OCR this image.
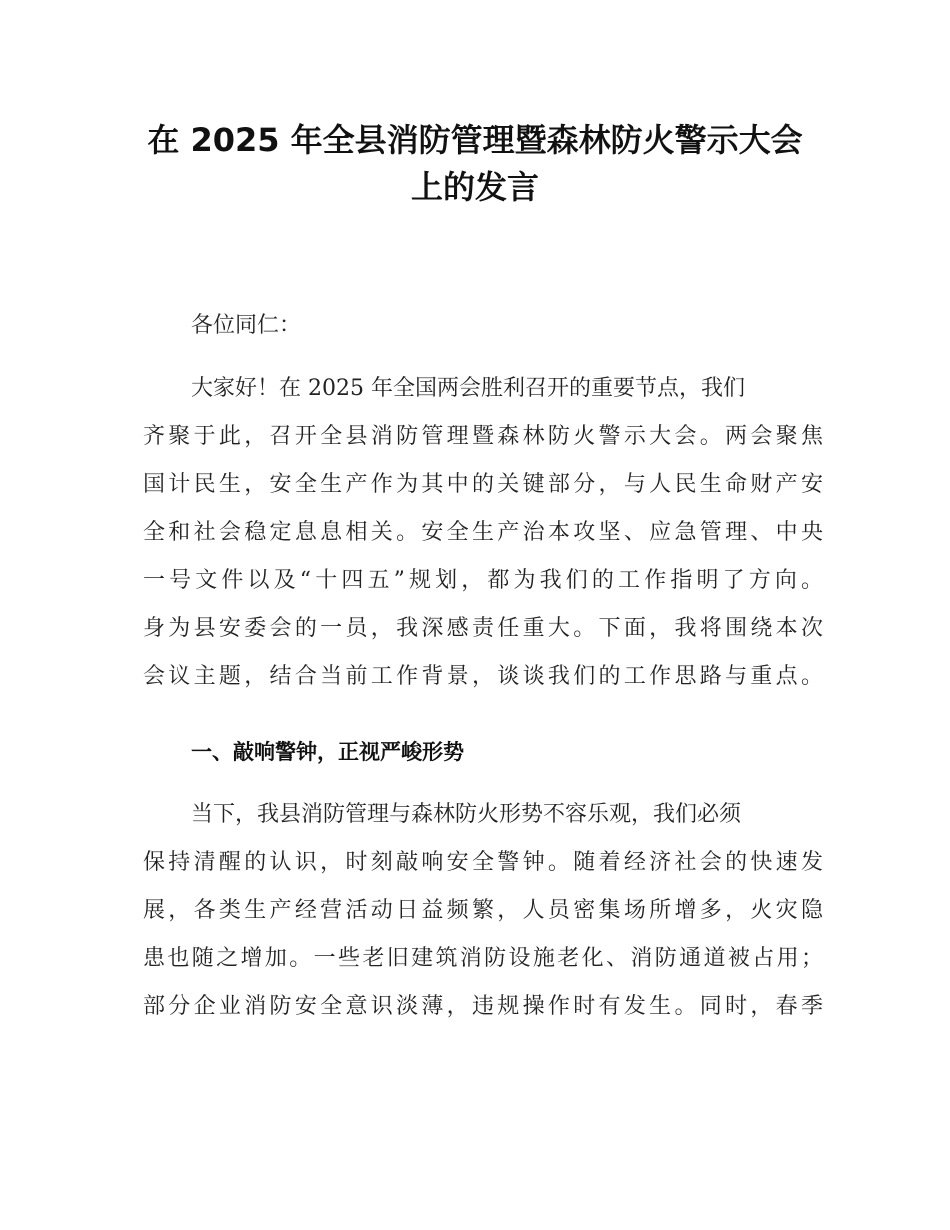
在 2025 年全县消防管理暨森林防火警示大会
上的发言

各位同仁：

大家好！在 2025 年全国两会胜利召开的重要节点，我们

齐聚于此，召开全县消防管理暨森林防火警示大会。两会聚焦

国计民生，安全生产作为其中的关键部分，与人民生命财产安

全和社会稳定息息相关。安全生产治本攻坚、应急管理、中央

一号文件以及“十四五”规划，都为我们的工作指明了方向。

身为县安委会的一员，我深感责任重大。下面，我将围绕本次

会议主题，结合当前工作背景，谈谈我们的工作思路与重点。

一、敲响警钟，正视严峻形势

当下，我县消防管理与森林防火形势不容乐观，我们必须

保持清醒的认识，时刻敲响安全警钟。随着经济社会的快速发

展，各类生产经营活动日益频繁，人员密集场所增多，火灾隐

患也随之增加。一些老旧建筑消防设施老化、消防通道被占用；

部分企业消防安全意识淡薄，违规操作时有发生。同时，春季
